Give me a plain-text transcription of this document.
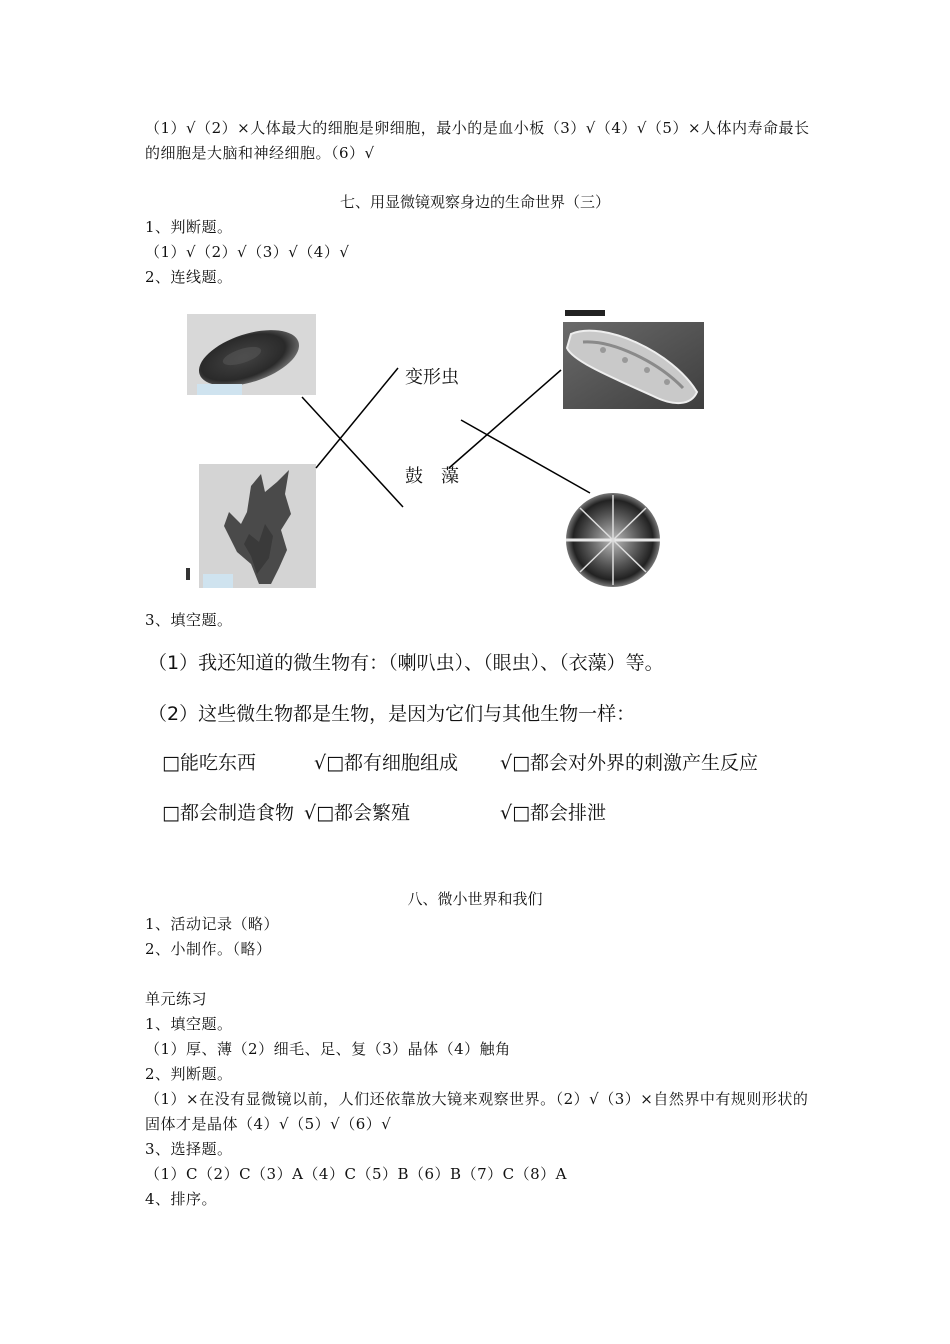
（1）√（2）×人体最大的细胞是卵细胞，最小的是血小板（3）√（4）√（5）×人体内寿命最长的细胞是大脑和神经细胞。（6）√
七、用显微镜观察身边的生命世界（三）
1、判断题。
（1）√（2）√（3）√（4）√
2、连线题。
变形虫
鼓　藻
3、填空题。
（1）我还知道的微生物有：（喇叭虫）、（眼虫）、（衣藻）等。
（2）这些微生物都是生物，是因为它们与其他生物一样：
□能吃东西	√□都有细胞组成 √□都会对外界的刺激产生反应
□都会制造食物 √□都会繁殖	√□都会排泄
八、微小世界和我们
1、活动记录（略）
2、小制作。（略）
单元练习
1、填空题。
（1）厚、薄（2）细毛、足、复（3）晶体（4）触角
2、判断题。
（1）×在没有显微镜以前，人们还依靠放大镜来观察世界。（2）√（3）×自然界中有规则形状的固体才是晶体（4）√（5）√（6）√
3、选择题。
（1）C（2）C（3）A（4）C（5）B（6）B（7）C（8）A
4、排序。
